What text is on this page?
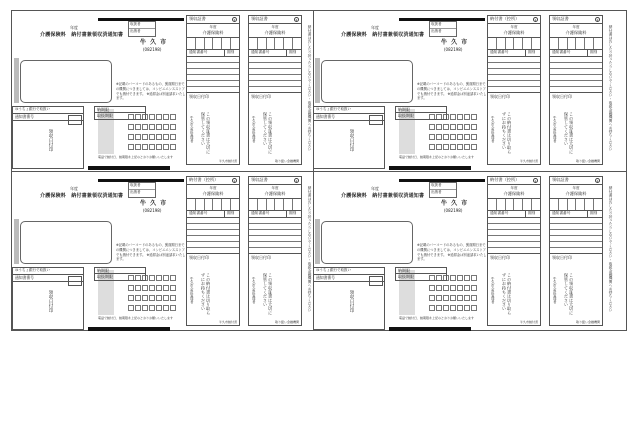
年度
介護保険料　納付書兼領収済通知書
取扱者
出納者
牛 久 市
(082198)
※記載のバーコードのあるもの、裏面期日までの機関につきましては、コンビニエンスストアでも納付できます。 ※延滞金は別途請求いたします。
電話で納付日、納期限を上記のとおりお願いいたします
ゆうちょ銀行で取扱い
通知書番号
領収日付印
納期限
取扱期限
領収証書	2
年度
介護保険料
通知書番号	期別
領収日付印
牛久市会計管理者	この領収証書は大切に保管してください
牛久市納付書
領収証書	2
年度
介護保険料
通知書番号	期別
領収日付印
牛久市会計管理者	この領収証書は大切に保管してください
取り扱い金融機関
納付書は汚したり折ったりしないでください・取扱金融機関へお持ちください	年度
介護保険料　納付書兼領収済通知書
取扱者
出納者
牛 久 市
(082198)
※記載のバーコードのあるもの、裏面期日までの機関につきましては、コンビニエンスストアでも納付できます。 ※延滞金は別途請求いたします。
電話で納付日、納期限を上記のとおりお願いいたします
ゆうちょ銀行で取扱い
通知書番号
領収日付印
納期限
取扱期限
納付書（控所）	1
年度
介護保険料
通知書番号	期別
領収日付印
牛久市会計管理者	この納付書は切り取らずにお持ちください
牛久市納付書
領収証書	2
年度
介護保険料
通知書番号	期別
領収日付印
牛久市会計管理者	この領収証書は大切に保管してください
取り扱い金融機関
納付書は汚したり折ったりしないでください・取扱金融機関へお持ちください
年度
介護保険料　納付書兼領収済通知書
取扱者
出納者
牛 久 市
(082198)
※記載のバーコードのあるもの、裏面期日までの機関につきましては、コンビニエンスストアでも納付できます。 ※延滞金は別途請求いたします。
電話で納付日、納期限を上記のとおりお願いいたします
ゆうちょ銀行で取扱い
通知書番号
領収日付印
納期限
取扱期限
納付書（控所）	1
年度
介護保険料
通知書番号	期別
領収日付印
牛久市会計管理者	この納付書は切り取らずにお持ちください
牛久市納付書
領収証書	2
年度
介護保険料
通知書番号	期別
領収日付印
牛久市会計管理者	この領収証書は大切に保管してください
取り扱い金融機関
納付書は汚したり折ったりしないでください・取扱金融機関へお持ちください	年度
介護保険料　納付書兼領収済通知書
取扱者
出納者
牛 久 市
(082198)
※記載のバーコードのあるもの、裏面期日までの機関につきましては、コンビニエンスストアでも納付できます。 ※延滞金は別途請求いたします。
電話で納付日、納期限を上記のとおりお願いいたします
ゆうちょ銀行で取扱い
通知書番号
領収日付印
納期限
取扱期限
納付書（控所）	1
年度
介護保険料
通知書番号	期別
領収日付印
牛久市会計管理者	この納付書は切り取らずにお持ちください
牛久市納付書
領収証書	2
年度
介護保険料
通知書番号	期別
領収日付印
牛久市会計管理者	この領収証書は大切に保管してください
取り扱い金融機関
納付書は汚したり折ったりしないでください・取扱金融機関へお持ちください
